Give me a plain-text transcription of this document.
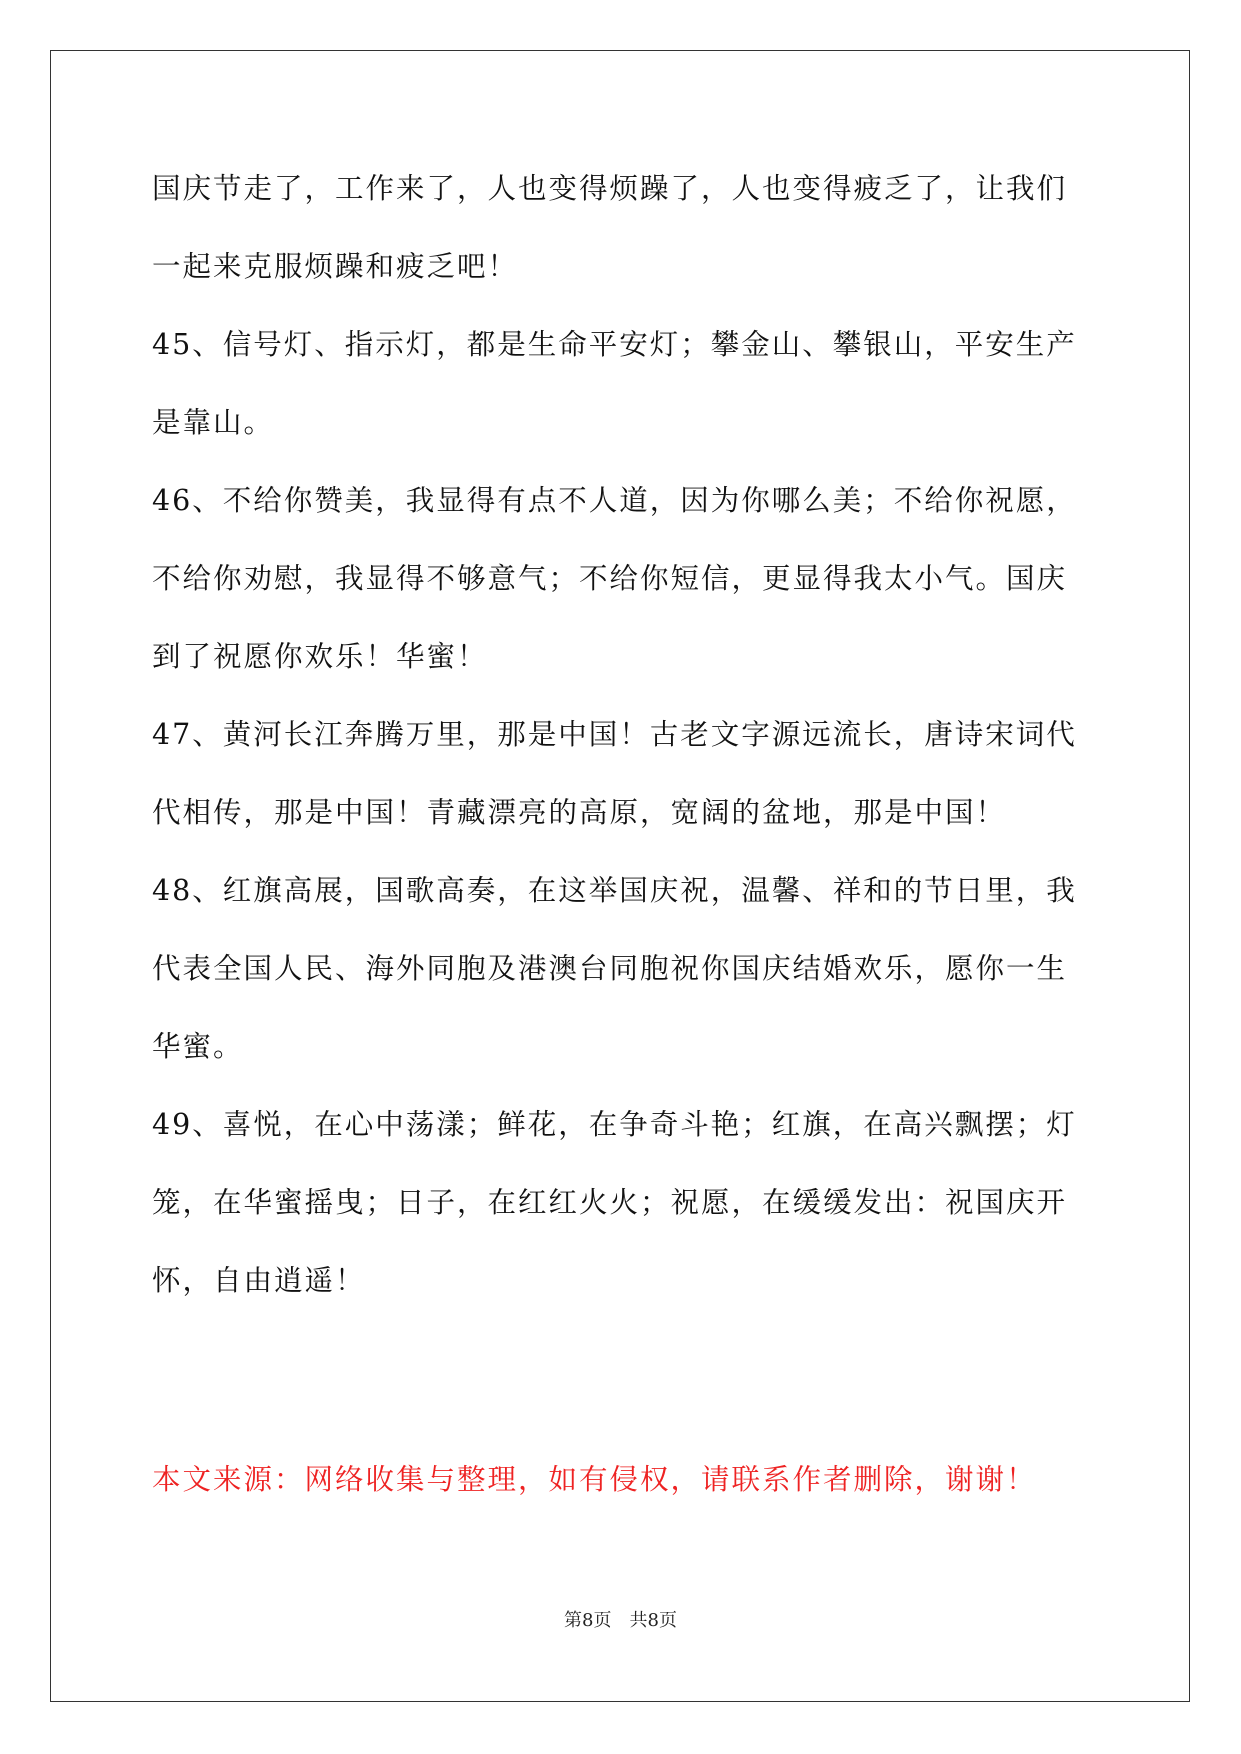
国庆节走了，工作来了，人也变得烦躁了，人也变得疲乏了，让我们一起来克服烦躁和疲乏吧！

45、信号灯、指示灯，都是生命平安灯；攀金山、攀银山，平安生产是靠山。

46、不给你赞美，我显得有点不人道，因为你哪么美；不给你祝愿，不给你劝慰，我显得不够意气；不给你短信，更显得我太小气。国庆到了祝愿你欢乐！华蜜！

47、黄河长江奔腾万里，那是中国！古老文字源远流长，唐诗宋词代代相传，那是中国！青藏漂亮的高原，宽阔的盆地，那是中国！

48、红旗高展，国歌高奏，在这举国庆祝，温馨、祥和的节日里，我代表全国人民、海外同胞及港澳台同胞祝你国庆结婚欢乐，愿你一生华蜜。

49、喜悦，在心中荡漾；鲜花，在争奇斗艳；红旗，在高兴飘摆；灯笼，在华蜜摇曳；日子，在红红火火；祝愿，在缓缓发出：祝国庆开怀，自由逍遥！

本文来源：网络收集与整理，如有侵权，请联系作者删除，谢谢！

第8页 共8页
